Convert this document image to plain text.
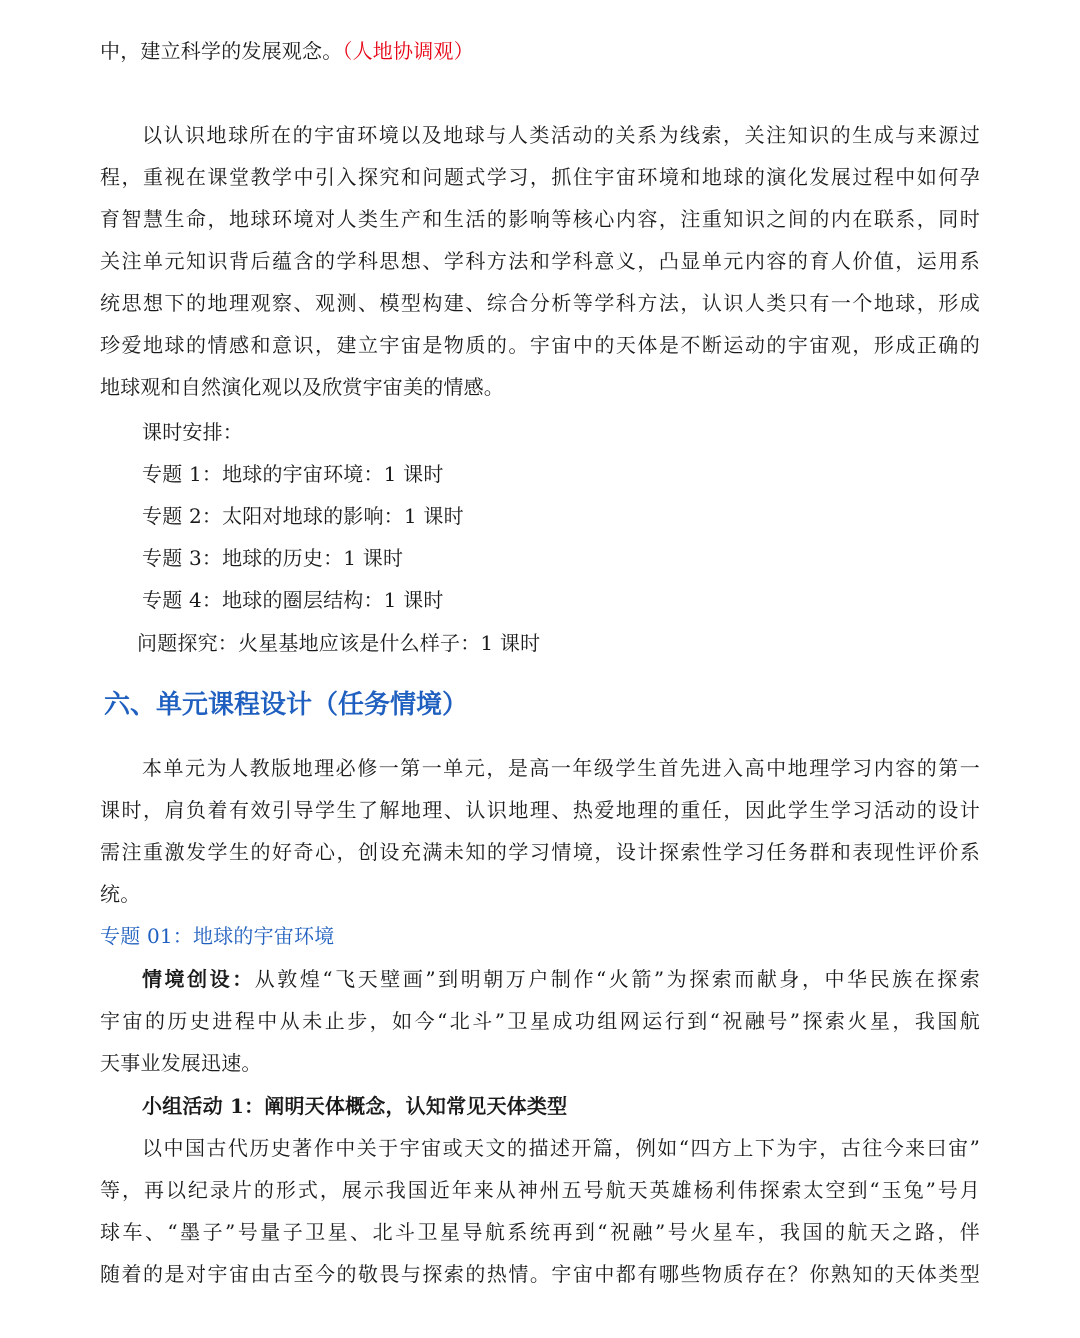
中，建立科学的发展观念。（人地协调观）
以认识地球所在的宇宙环境以及地球与人类活动的关系为线索，关注知识的生成与来源过
程，重视在课堂教学中引入探究和问题式学习，抓住宇宙环境和地球的演化发展过程中如何孕
育智慧生命，地球环境对人类生产和生活的影响等核心内容，注重知识之间的内在联系，同时
关注单元知识背后蕴含的学科思想、学科方法和学科意义，凸显单元内容的育人价值，运用系
统思想下的地理观察、观测、模型构建、综合分析等学科方法，认识人类只有一个地球，形成
珍爱地球的情感和意识，建立宇宙是物质的。宇宙中的天体是不断运动的宇宙观，形成正确的
地球观和自然演化观以及欣赏宇宙美的情感。
课时安排：
专题 1：地球的宇宙环境：1 课时
专题 2：太阳对地球的影响：1 课时
专题 3：地球的历史：1 课时
专题 4：地球的圈层结构：1 课时
问题探究：火星基地应该是什么样子：1 课时
六、单元课程设计（任务情境）
本单元为人教版地理必修一第一单元，是高一年级学生首先进入高中地理学习内容的第一
课时，肩负着有效引导学生了解地理、认识地理、热爱地理的重任，因此学生学习活动的设计
需注重激发学生的好奇心，创设充满未知的学习情境，设计探索性学习任务群和表现性评价系
统。
专题 01：地球的宇宙环境
情境创设：从敦煌“飞天壁画”到明朝万户制作“火箭”为探索而献身，中华民族在探索
宇宙的历史进程中从未止步，如今“北斗”卫星成功组网运行到“祝融号”探索火星，我国航
天事业发展迅速。
小组活动 1：阐明天体概念，认知常见天体类型
以中国古代历史著作中关于宇宙或天文的描述开篇，例如“四方上下为宇，古往今来曰宙”
等，再以纪录片的形式，展示我国近年来从神州五号航天英雄杨利伟探索太空到“玉兔”号月
球车、“墨子”号量子卫星、北斗卫星导航系统再到“祝融”号火星车，我国的航天之路，伴
随着的是对宇宙由古至今的敬畏与探索的热情。宇宙中都有哪些物质存在？你熟知的天体类型
